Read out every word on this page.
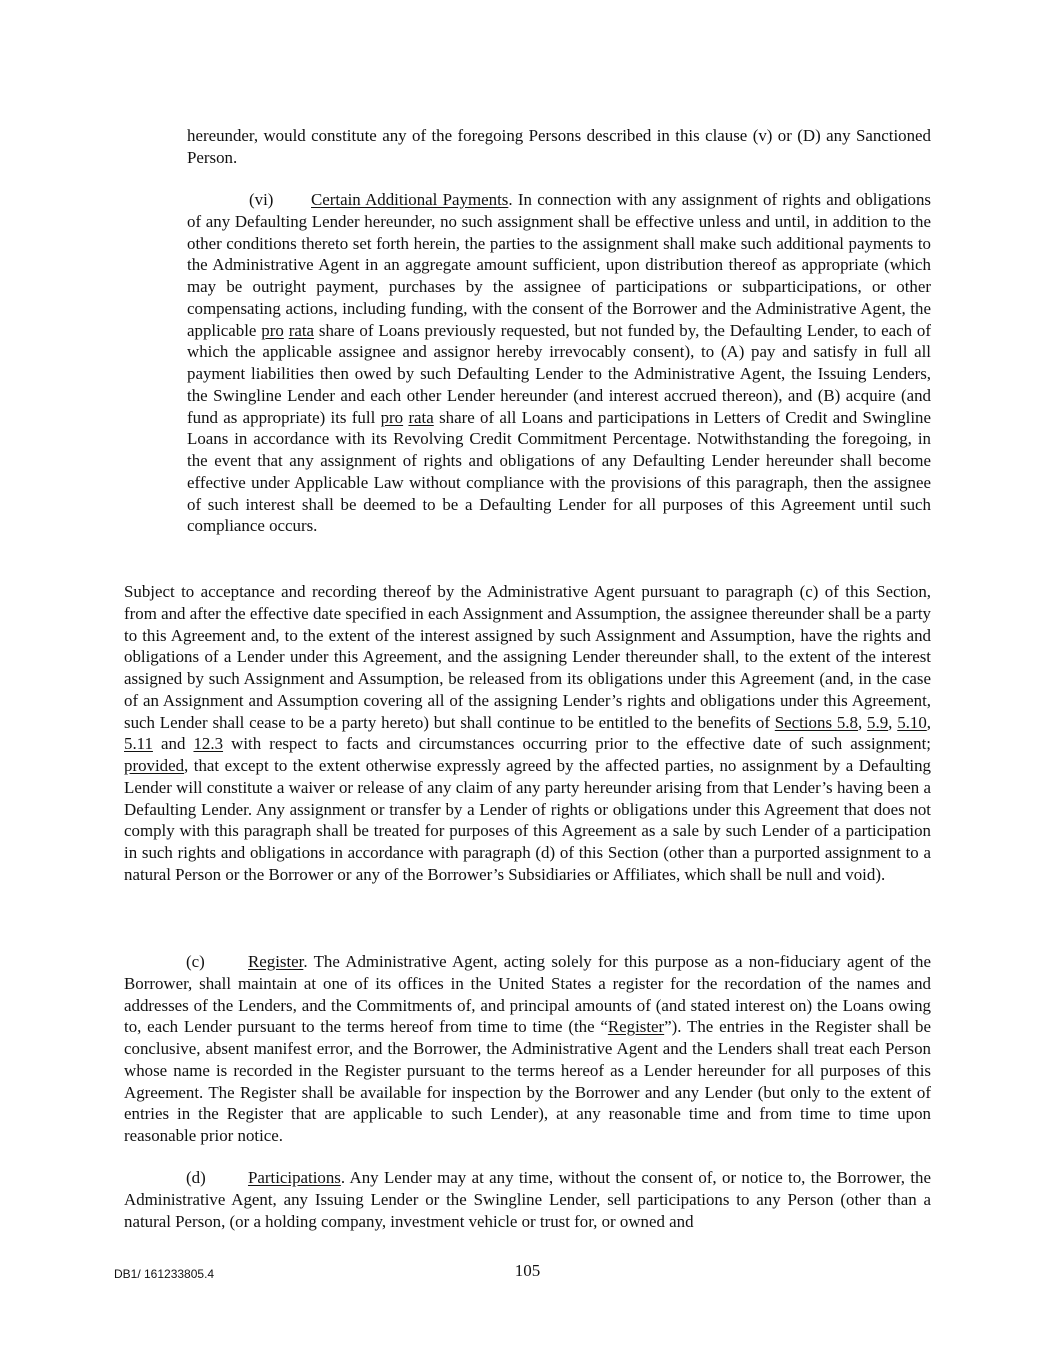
hereunder, would constitute any of the foregoing Persons described in this clause (v) or (D) any Sanctioned Person.

(vi) Certain Additional Payments. In connection with any assignment of rights and obligations of any Defaulting Lender hereunder, no such assignment shall be effective unless and until, in addition to the other conditions thereto set forth herein, the parties to the assignment shall make such additional payments to the Administrative Agent in an aggregate amount sufficient, upon distribution thereof as appropriate (which may be outright payment, purchases by the assignee of participations or subparticipations, or other compensating actions, including funding, with the consent of the Borrower and the Administrative Agent, the applicable pro rata share of Loans previously requested, but not funded by, the Defaulting Lender, to each of which the applicable assignee and assignor hereby irrevocably consent), to (A) pay and satisfy in full all payment liabilities then owed by such Defaulting Lender to the Administrative Agent, the Issuing Lenders, the Swingline Lender and each other Lender hereunder (and interest accrued thereon), and (B) acquire (and fund as appropriate) its full pro rata share of all Loans and participations in Letters of Credit and Swingline Loans in accordance with its Revolving Credit Commitment Percentage. Notwithstanding the foregoing, in the event that any assignment of rights and obligations of any Defaulting Lender hereunder shall become effective under Applicable Law without compliance with the provisions of this paragraph, then the assignee of such interest shall be deemed to be a Defaulting Lender for all purposes of this Agreement until such compliance occurs.

Subject to acceptance and recording thereof by the Administrative Agent pursuant to paragraph (c) of this Section, from and after the effective date specified in each Assignment and Assumption, the assignee thereunder shall be a party to this Agreement and, to the extent of the interest assigned by such Assignment and Assumption, have the rights and obligations of a Lender under this Agreement, and the assigning Lender thereunder shall, to the extent of the interest assigned by such Assignment and Assumption, be released from its obligations under this Agreement (and, in the case of an Assignment and Assumption covering all of the assigning Lender’s rights and obligations under this Agreement, such Lender shall cease to be a party hereto) but shall continue to be entitled to the benefits of Sections 5.8, 5.9, 5.10, 5.11 and 12.3 with respect to facts and circumstances occurring prior to the effective date of such assignment; provided, that except to the extent otherwise expressly agreed by the affected parties, no assignment by a Defaulting Lender will constitute a waiver or release of any claim of any party hereunder arising from that Lender’s having been a Defaulting Lender. Any assignment or transfer by a Lender of rights or obligations under this Agreement that does not comply with this paragraph shall be treated for purposes of this Agreement as a sale by such Lender of a participation in such rights and obligations in accordance with paragraph (d) of this Section (other than a purported assignment to a natural Person or the Borrower or any of the Borrower’s Subsidiaries or Affiliates, which shall be null and void).

(c)	Register. The Administrative Agent, acting solely for this purpose as a non-fiduciary agent of the Borrower, shall maintain at one of its offices in the United States a register for the recordation of the names and addresses of the Lenders, and the Commitments of, and principal amounts of (and stated interest on) the Loans owing to, each Lender pursuant to the terms hereof from time to time (the “Register”). The entries in the Register shall be conclusive, absent manifest error, and the Borrower, the Administrative Agent and the Lenders shall treat each Person whose name is recorded in the Register pursuant to the terms hereof as a Lender hereunder for all purposes of this Agreement. The Register shall be available for inspection by the Borrower and any Lender (but only to the extent of entries in the Register that are applicable to such Lender), at any reasonable time and from time to time upon reasonable prior notice.

(d)	Participations. Any Lender may at any time, without the consent of, or notice to, the Borrower, the Administrative Agent, any Issuing Lender or the Swingline Lender, sell participations to any Person (other than a natural Person, (or a holding company, investment vehicle or trust for, or owned and

DB1/ 161233805.4	105
